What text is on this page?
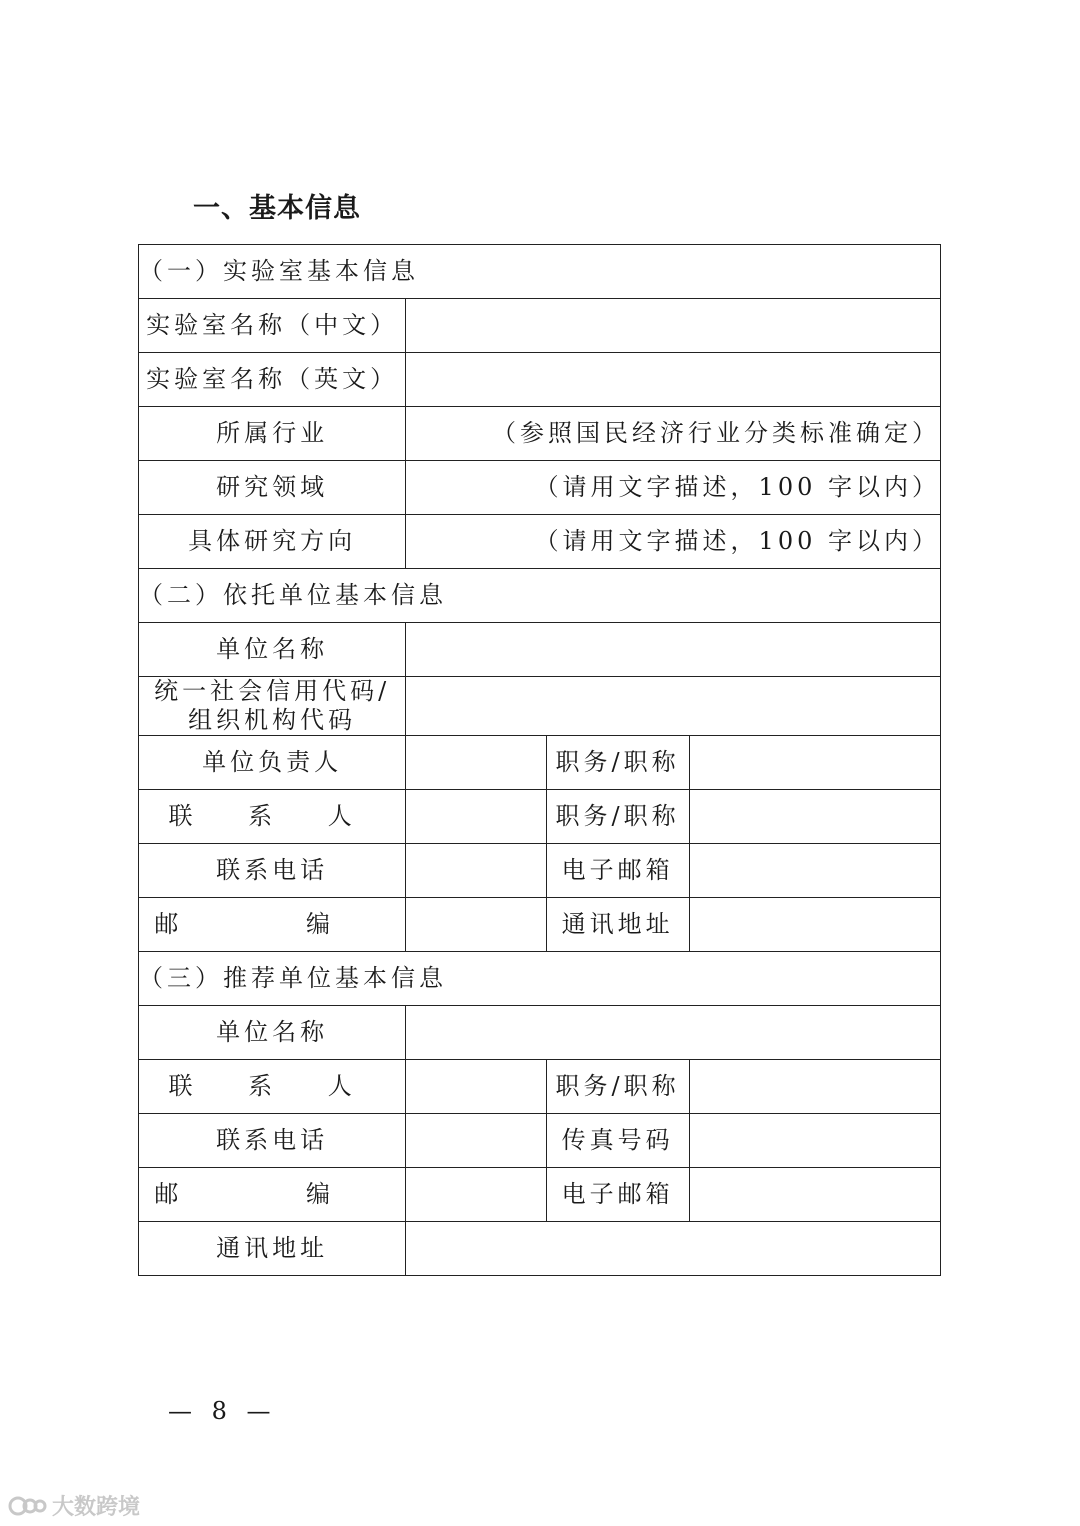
一、基本信息
（一）实验室基本信息			
实验室名称（中文）			
实验室名称（英文）			
所属行业	（参照国民经济行业分类标准确定）		
研究领域	（请用文字描述，100 字以内）		
具体研究方向	（请用文字描述，100 字以内）		
（二）依托单位基本信息			
单位名称			

统一社会信用代码/
组织机构代码			

单位负责人		职务/职称	
联 系 人		职务/职称	
联系电话		电子邮箱	
邮 编		通讯地址	
（三）推荐单位基本信息			
单位名称			
联 系 人		职务/职称	
联系电话		传真号码	
邮 编		电子邮箱	
通讯地址			
— 8 —
大数跨境
